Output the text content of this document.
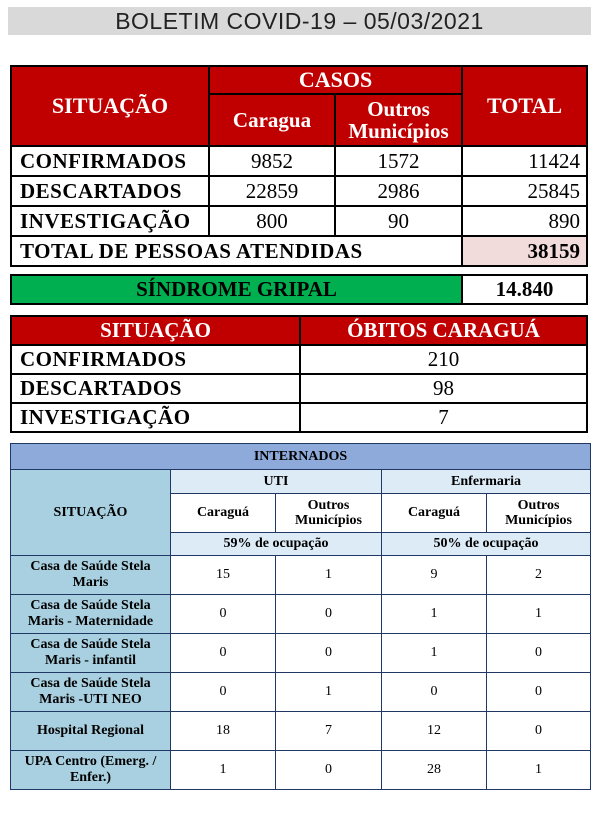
BOLETIM COVID-19 – 05/03/2021
SITUAÇÃO	CASOS		TOTAL
	Caragua	Outros Municípios	
CONFIRMADOS	9852	1572	11424
DESCARTADOS	22859	2986	25845
INVESTIGAÇÃO	800	90	890
TOTAL DE PESSOAS ATENDIDAS			38159
SÍNDROME GRIPAL	14.840
SITUAÇÃO	ÓBITOS CARAGUÁ
CONFIRMADOS	210
DESCARTADOS	98
INVESTIGAÇÃO	7
INTERNADOS				
SITUAÇÃO	UTI		Enfermaria	
	Caraguá	Outros Municípios	Caraguá	Outros Municípios
	59% de ocupação		50% de ocupação	
Casa de Saúde Stela Maris	15	1	9	2
Casa de Saúde Stela Maris - Maternidade	0	0	1	1
Casa de Saúde Stela Maris - infantil	0	0	1	0
Casa de Saúde Stela Maris -UTI NEO	0	1	0	0
Hospital Regional	18	7	12	0
UPA Centro (Emerg. / Enfer.)	1	0	28	1
